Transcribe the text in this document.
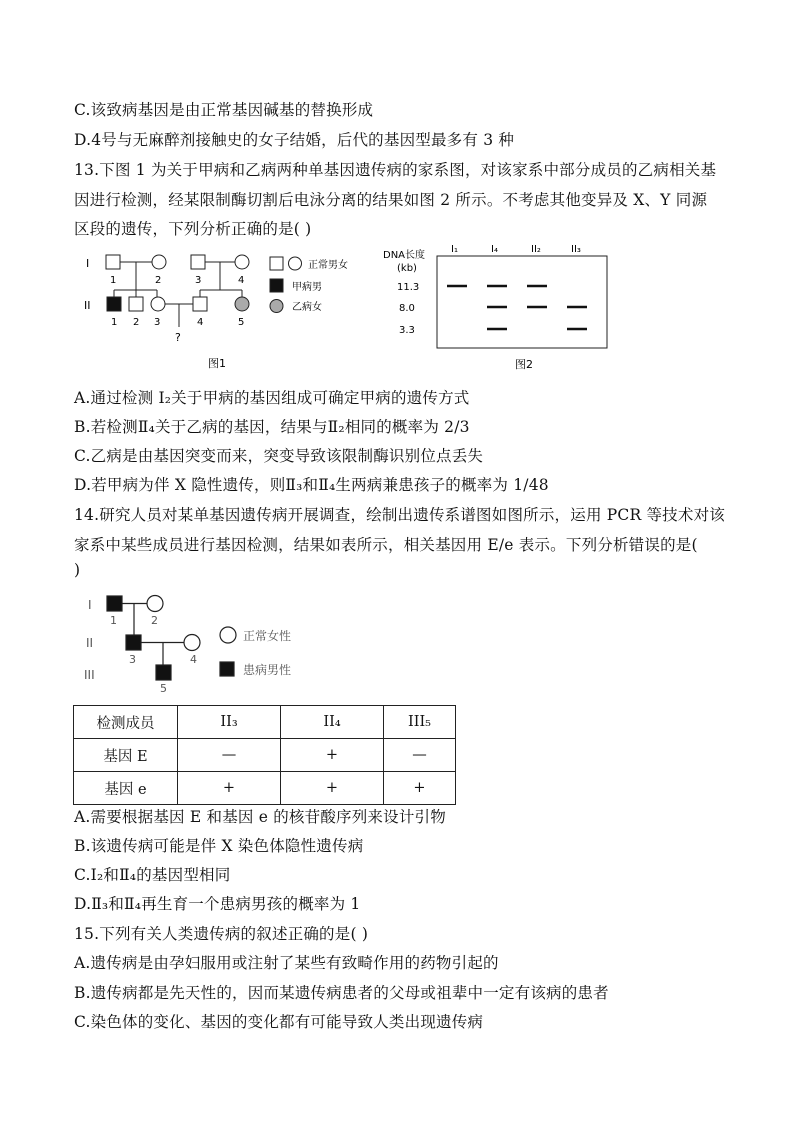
C.该致病基因是由正常基因碱基的替换形成
D.4号与无麻醉剂接触史的女子结婚，后代的基因型最多有 3 种
13.下图 1 为关于甲病和乙病两种单基因遗传病的家系图，对该家系中部分成员的乙病相关基
因进行检测，经某限制酶切割后电泳分离的结果如图 2 所示。不考虑其他变异及 X、Y 同源
区段的遗传，下列分析正确的是( )
I
II
1	2	3	4
1 2 3	4	5
?
正常男女
甲病男
乙病女
图1
DNA长度
(kb)
I₁	I₄	II₂	II₃
11.3
8.0
3.3
图2
A.通过检测 I₂关于甲病的基因组成可确定甲病的遗传方式
B.若检测Ⅱ₄关于乙病的基因，结果与Ⅱ₂相同的概率为 2/3
C.乙病是由基因突变而来，突变导致该限制酶识别位点丢失
D.若甲病为伴 X 隐性遗传，则Ⅱ₃和Ⅱ₄生两病兼患孩子的概率为 1/48
14.研究人员对某单基因遗传病开展调查，绘制出遗传系谱图如图所示，运用 PCR 等技术对该
家系中某些成员进行基因检测，结果如表所示，相关基因用 E/e 表示。下列分析错误的是(
)
I
II
III
1	2
3	4
5
正常女性
患病男性
检测成员	II₃	II₄	III₅
基因 E	—	+	—
基因 e	+	+	+
A.需要根据基因 E 和基因 e 的核苷酸序列来设计引物
B.该遗传病可能是伴 X 染色体隐性遗传病
C.Ⅰ₂和Ⅱ₄的基因型相同
D.Ⅱ₃和Ⅱ₄再生育一个患病男孩的概率为 1
15.下列有关人类遗传病的叙述正确的是( )
A.遗传病是由孕妇服用或注射了某些有致畸作用的药物引起的
B.遗传病都是先天性的，因而某遗传病患者的父母或祖辈中一定有该病的患者
C.染色体的变化、基因的变化都有可能导致人类出现遗传病
